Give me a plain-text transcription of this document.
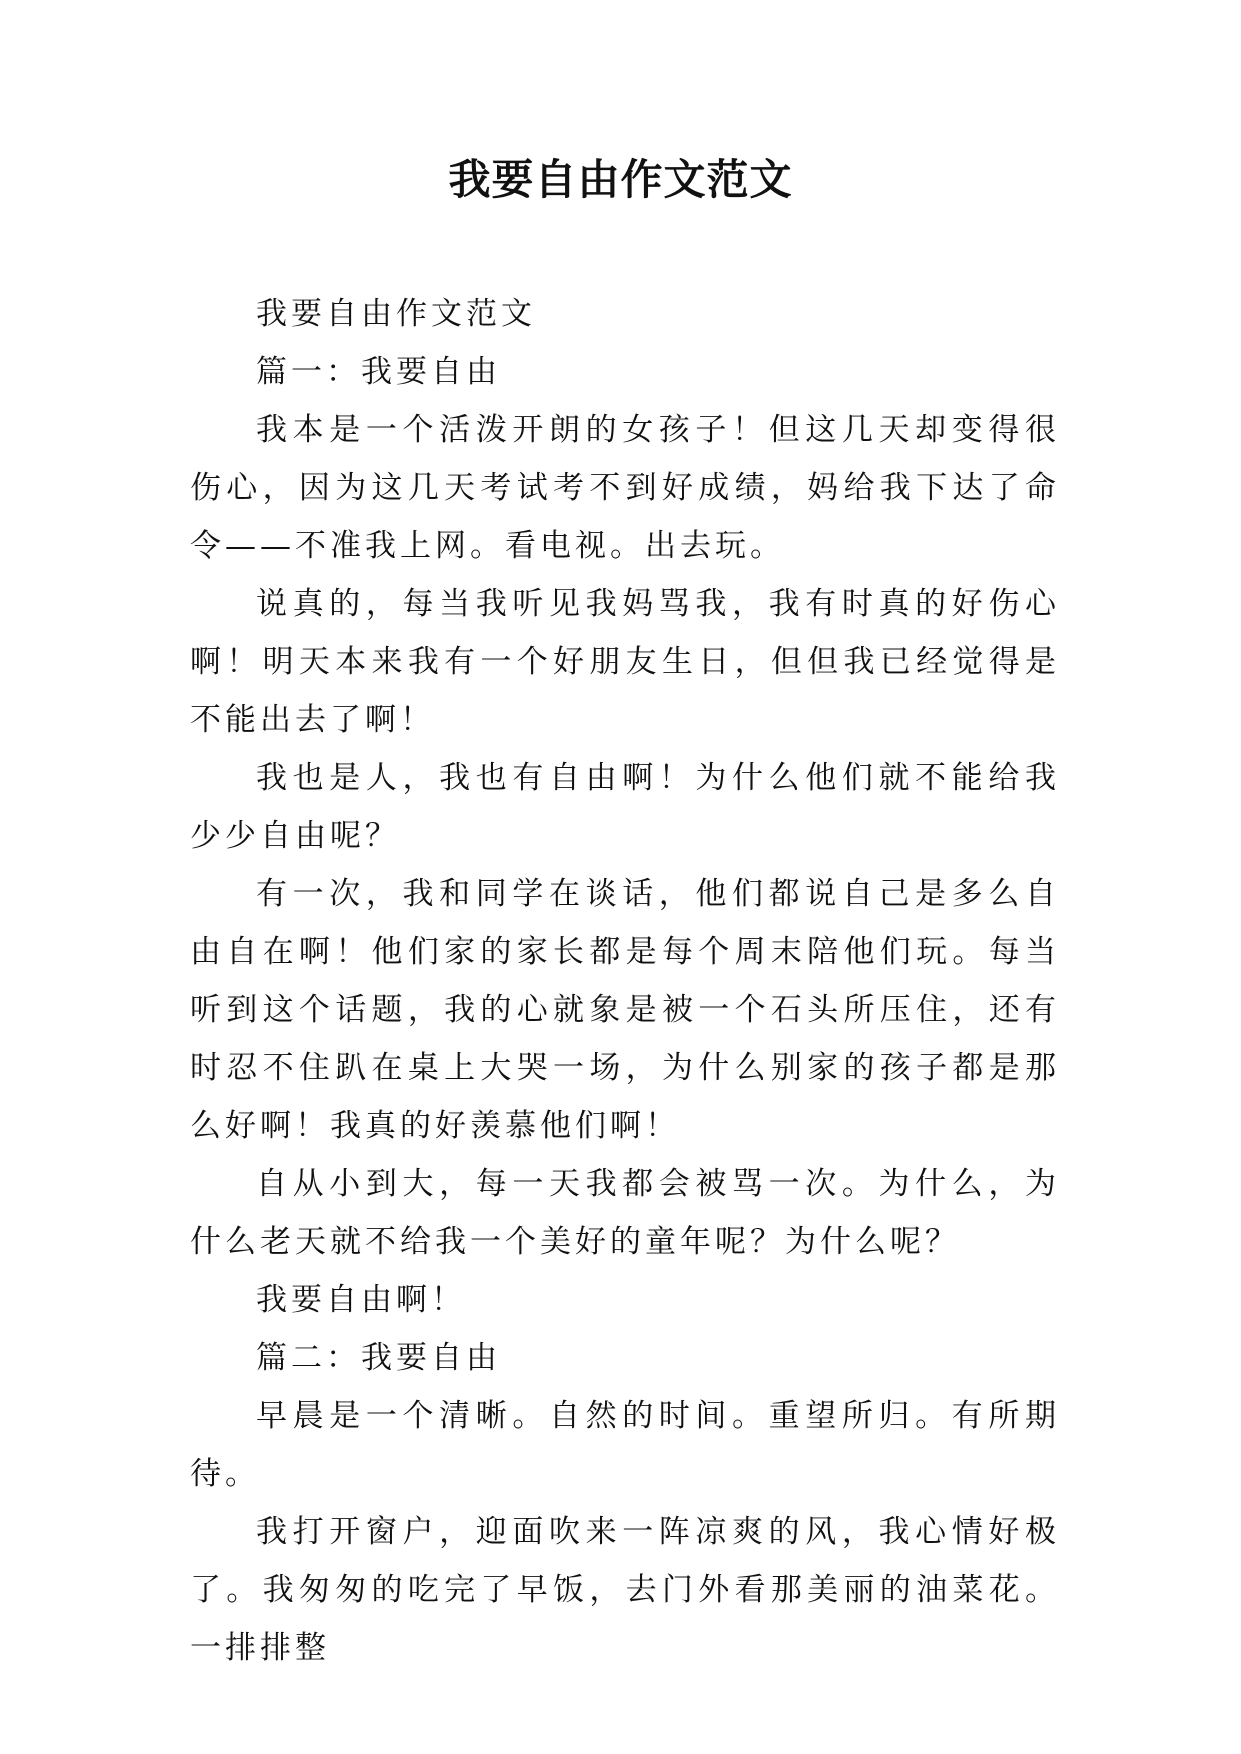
我要自由作文范文

我要自由作文范文

篇一：我要自由

我本是一个活泼开朗的女孩子！但这几天却变得很伤心，因为这几天考试考不到好成绩，妈给我下达了命令——不准我上网。看电视。出去玩。

说真的，每当我听见我妈骂我，我有时真的好伤心啊！明天本来我有一个好朋友生日，但但我已经觉得是不能出去了啊！

我也是人，我也有自由啊！为什么他们就不能给我少少自由呢？

有一次，我和同学在谈话，他们都说自己是多么自由自在啊！他们家的家长都是每个周末陪他们玩。每当听到这个话题，我的心就象是被一个石头所压住，还有时忍不住趴在桌上大哭一场，为什么别家的孩子都是那么好啊！我真的好羡慕他们啊！

自从小到大，每一天我都会被骂一次。为什么，为什么老天就不给我一个美好的童年呢？为什么呢？

我要自由啊！

篇二：我要自由

早晨是一个清晰。自然的时间。重望所归。有所期待。

我打开窗户，迎面吹来一阵凉爽的风，我心情好极了。我匆匆的吃完了早饭，去门外看那美丽的油菜花。一排排整
